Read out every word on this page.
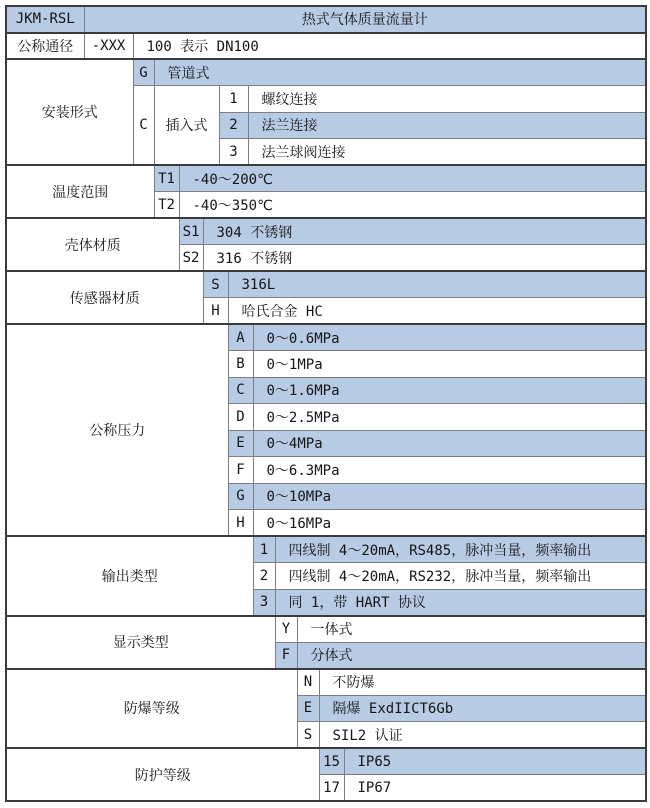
JKM-RSL	热式气体质量流量计												
公称通径	-XXX	100 表示 DN100											
安装形式		G	管道式										
		C	插入式			1		螺纹连接					
						2		法兰连接					
						3		法兰球阀连接					
温度范围			T1	-40～200℃									
			T2	-40～350℃									
壳体材质				S1	304 不锈钢								
				S2	316 不锈钢								
传感器材质					S		316L						
					H		哈氏合金 HC						
公称压力							A		0～0.6MPa				
							B		0～1MPa				
							C		0～1.6MPa				
							D		0～2.5MPa				
							E		0～4MPa				
							F		0～6.3MPa				
							G		0～10MPa				
							H		0～16MPa				
输出类型									1	四线制 4～20mA，RS485，脉冲当量，频率输出			
									2	四线制 4～20mA，RS232，脉冲当量，频率输出			
									3	同 1，带 HART 协议			
显示类型										Y	一体式		
										F	分体式		
防爆等级											N	不防爆	
											E	隔爆 ExdIICT6Gb	
											S	SIL2 认证	
防护等级												15	IP65
												17	IP67
